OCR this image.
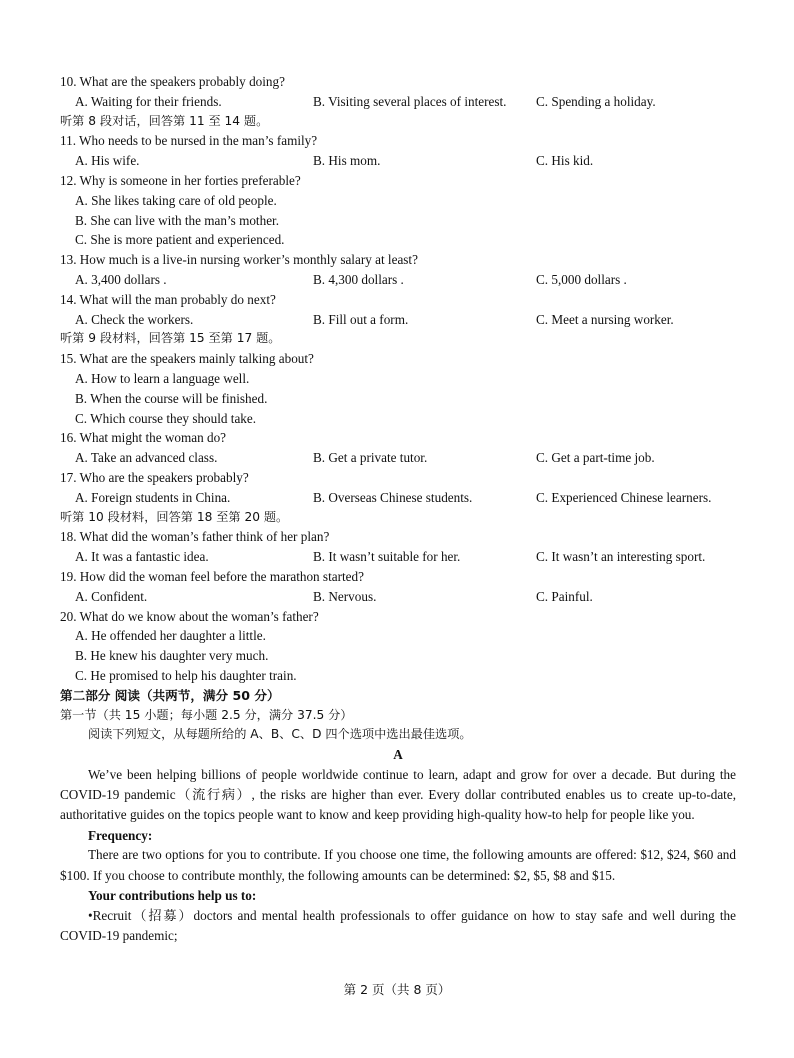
10. What are the speakers probably doing?
A. Waiting for their friends.	B. Visiting several places of interest. C. Spending a holiday.
听第 8 段对话，回答第 11 至 14 题。
11. Who needs to be nursed in the man’s family?
A. His wife.	B. His mom.	C. His kid.
12. Why is someone in her forties preferable?
A. She likes taking care of old people.
B. She can live with the man’s mother.
C. She is more patient and experienced.
13. How much is a live-in nursing worker’s monthly salary at least?
A. 3,400 dollars .	B. 4,300 dollars .	C. 5,000 dollars .
14. What will the man probably do next?
A. Check the workers.	B. Fill out a form.	C. Meet a nursing worker.
听第 9 段材料，回答第 15 至第 17 题。
15. What are the speakers mainly talking about?
A. How to learn a language well.
B. When the course will be finished.
C. Which course they should take.
16. What might the woman do?
A. Take an advanced class.	B. Get a private tutor.	C. Get a part-time job.
17. Who are the speakers probably?
A. Foreign students in China.	B. Overseas Chinese students.	C. Experienced Chinese learners.
听第 10 段材料，回答第 18 至第 20 题。
18. What did the woman’s father think of her plan?
A. It was a fantastic idea.	B. It wasn’t suitable for her.	C. It wasn’t an interesting sport.
19. How did the woman feel before the marathon started?
A. Confident.	B. Nervous.	C. Painful.
20. What do we know about the woman’s father?
A. He offended her daughter a little.
B. He knew his daughter very much.
C. He promised to help his daughter train.
第二部分 阅读（共两节，满分 50 分）
第一节（共 15 小题；每小题 2.5 分，满分 37.5 分）
阅读下列短文，从每题所给的 A、B、C、D 四个选项中选出最佳选项。
A
We’ve been helping billions of people worldwide continue to learn, adapt and grow for over a decade. But during the COVID-19 pandemic（流行病）, the risks are higher than ever. Every dollar contributed enables us to create up-to-date, authoritative guides on the topics people want to know and keep providing high-quality how-to help for people like you.
Frequency:
There are two options for you to contribute. If you choose one time, the following amounts are offered: $12, $24, $60 and $100. If you choose to contribute monthly, the following amounts can be determined: $2, $5, $8 and $15.
Your contributions help us to:
•Recruit（招募）doctors and mental health professionals to offer guidance on how to stay safe and well during the COVID-19 pandemic;
第 2 页（共 8 页）
